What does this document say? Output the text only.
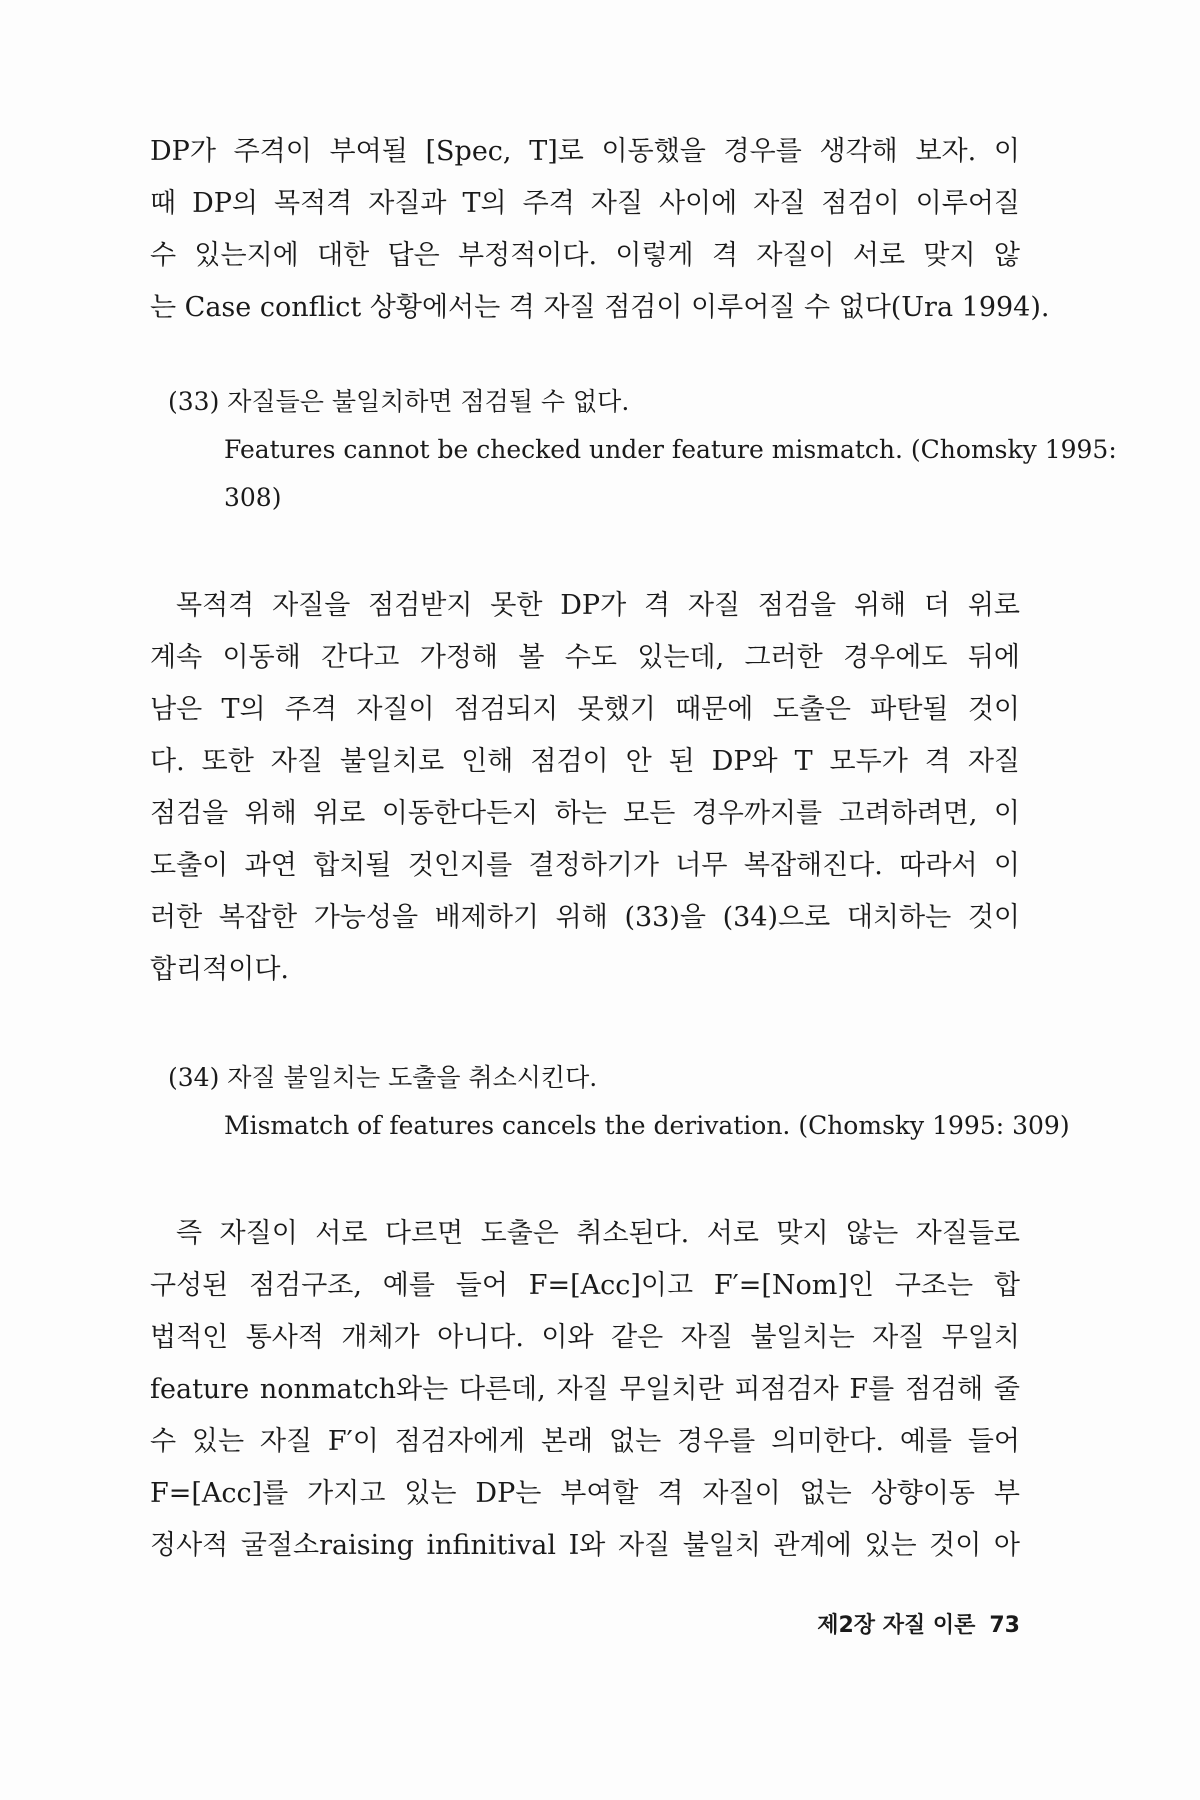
DP가 주격이 부여될 [Spec, T]로 이동했을 경우를 생각해 보자. 이

때 DP의 목적격 자질과 T의 주격 자질 사이에 자질 점검이 이루어질

수 있는지에 대한 답은 부정적이다. 이렇게 격 자질이 서로 맞지 않

는 Case conflict 상황에서는 격 자질 점검이 이루어질 수 없다(Ura 1994).

(33) 자질들은 불일치하면 점검될 수 없다.
Features cannot be checked under feature mismatch. (Chomsky 1995:
308)

목적격 자질을 점검받지 못한 DP가 격 자질 점검을 위해 더 위로

계속 이동해 간다고 가정해 볼 수도 있는데, 그러한 경우에도 뒤에

남은 T의 주격 자질이 점검되지 못했기 때문에 도출은 파탄될 것이

다. 또한 자질 불일치로 인해 점검이 안 된 DP와 T 모두가 격 자질

점검을 위해 위로 이동한다든지 하는 모든 경우까지를 고려하려면, 이

도출이 과연 합치될 것인지를 결정하기가 너무 복잡해진다. 따라서 이

러한 복잡한 가능성을 배제하기 위해 (33)을 (34)으로 대치하는 것이

합리적이다.

(34) 자질 불일치는 도출을 취소시킨다.
Mismatch of features cancels the derivation. (Chomsky 1995: 309)

즉 자질이 서로 다르면 도출은 취소된다. 서로 맞지 않는 자질들로

구성된 점검구조, 예를 들어 F=[Acc]이고 F′=[Nom]인 구조는 합

법적인 통사적 개체가 아니다. 이와 같은 자질 불일치는 자질 무일치

feature nonmatch와는 다른데, 자질 무일치란 피점검자 F를 점검해 줄

수 있는 자질 F′이 점검자에게 본래 없는 경우를 의미한다. 예를 들어

F=[Acc]를 가지고 있는 DP는 부여할 격 자질이 없는 상향이동 부

정사적 굴절소raising infinitival I와 자질 불일치 관계에 있는 것이 아

제2장 자질 이론 73
